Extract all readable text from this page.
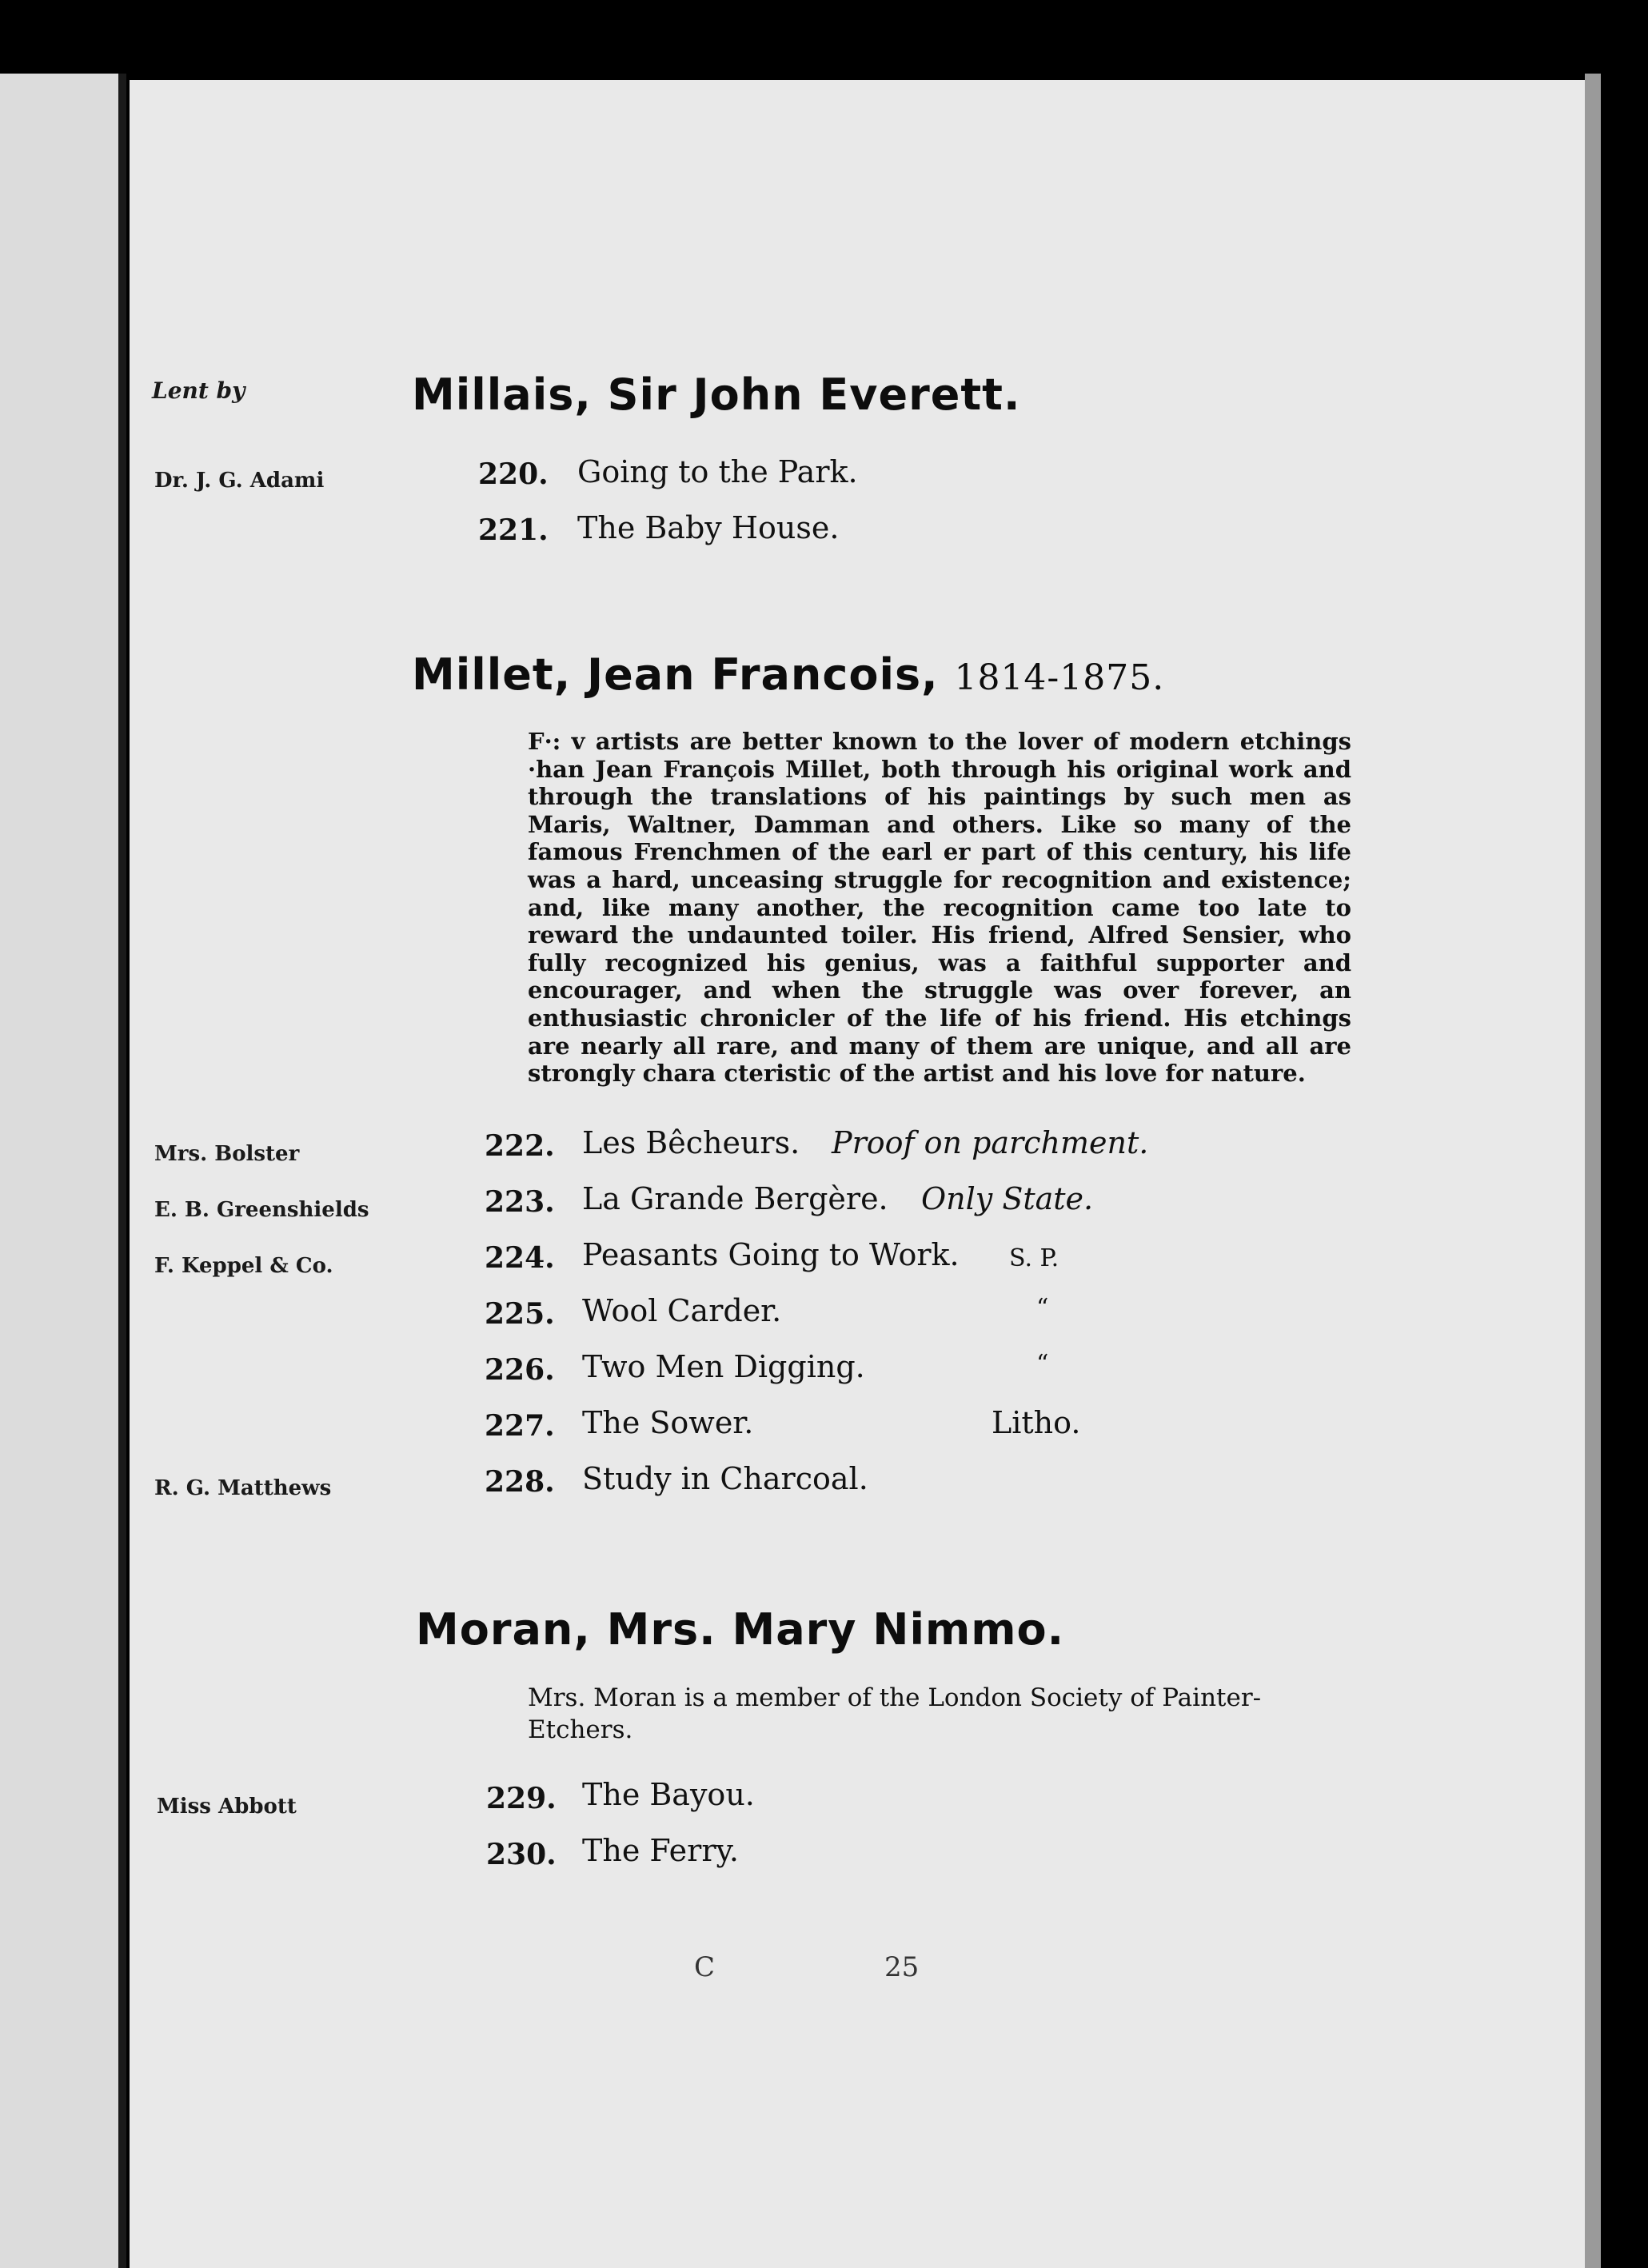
Lent by	Millais, Sir John Everett.
Dr. J. G. Adami	220. Going to the Park.
221. The Baby House.
Millet, Jean Francois, 1814-1875.
F·: v artists are better known to the lover of modern etchings ·han Jean François Millet, both through his original work and through the translations of his paintings by such men as Maris, Waltner, Damman and others. Like so many of the famous Frenchmen of the earl er part of this century, his life was a hard, unceasing struggle for recognition and existence; and, like many another, the recognition came too late to reward the undaunted toiler. His friend, Alfred Sensier, who fully recognized his genius, was a faithful supporter and encourager, and when the struggle was over forever, an enthusiastic chronicler of the life of his friend. His etchings are nearly all rare, and many of them are unique, and all are strongly chara cteristic of the artist and his love for nature.
Mrs. Bolster	222. Les Bêcheurs. Proof on parchment.
E. B. Greenshields	223. La Grande Bergère. Only State.
F. Keppel & Co.	224. Peasants Going to Work. S. P.
225. Wool Carder.	“
226. Two Men Digging.	“
227. The Sower.	Litho.
R. G. Matthews	228. Study in Charcoal.
Moran, Mrs. Mary Nimmo.
Mrs. Moran is a member of the London Society of Painter-Etchers.
Miss Abbott	229. The Bayou.
230. The Ferry.
C	25
